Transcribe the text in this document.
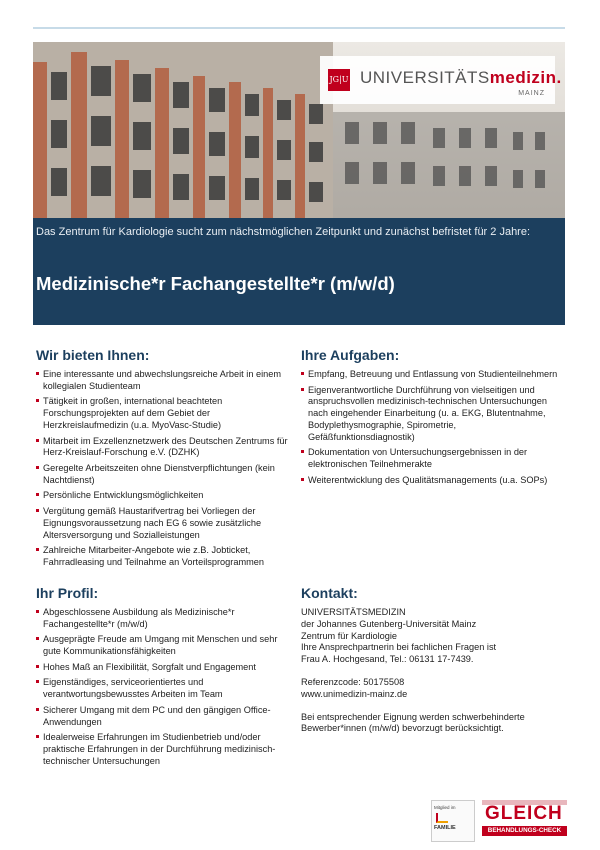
JG|U UNIVERSITÄTSmedizin.
MAINZ
Das Zentrum für Kardiologie sucht zum nächstmöglichen Zeitpunkt und zunächst befristet für 2 Jahre:
Medizinische*r Fachangestellte*r (m/w/d)
Wir bieten Ihnen:
Eine interessante und abwechslungsreiche Arbeit in einem kollegialen Studienteam
Tätigkeit in großen, international beachteten Forschungsprojekten auf dem Gebiet der Herzkreislaufmedizin (u.a. MyoVasc-Studie)
Mitarbeit im Exzellenznetzwerk des Deutschen Zentrums für Herz-Kreislauf-Forschung e.V. (DZHK)
Geregelte Arbeitszeiten ohne Dienstverpflichtungen (kein Nachtdienst)
Persönliche Entwicklungsmöglichkeiten
Vergütung gemäß Haustarifvertrag bei Vorliegen der Eignungsvoraussetzung nach EG 6 sowie zusätzliche Altersversorgung und Sozialleistungen
Zahlreiche Mitarbeiter-Angebote wie z.B. Jobticket, Fahrradleasing und Teilnahme an Vorteilsprogrammen
Ihre Aufgaben:
Empfang, Betreuung und Entlassung von Studienteilnehmern
Eigenverantwortliche Durchführung von vielseitigen und anspruchsvollen medizinisch-technischen Untersuchungen nach eingehender Einarbeitung (u. a. EKG, Blutentnahme, Bodyplethysmographie, Spirometrie, Gefäßfunktionsdiagnostik)
Dokumentation von Untersuchungsergebnissen in der elektronischen Teilnehmerakte
Weiterentwicklung des Qualitätsmanagements (u.a. SOPs)
Ihr Profil:
Abgeschlossene Ausbildung als Medizinische*r Fachangestellte*r (m/w/d)
Ausgeprägte Freude am Umgang mit Menschen und sehr gute Kommunikationsfähigkeiten
Hohes Maß an Flexibilität, Sorgfalt und Engagement
Eigenständiges, serviceorientiertes und verantwortungsbewusstes Arbeiten im Team
Sicherer Umgang mit dem PC und den gängigen Office- Anwendungen
Idealerweise Erfahrungen im Studienbetrieb und/oder praktische Erfahrungen in der Durchführung medizinisch-technischer Untersuchungen
Kontakt:
UNIVERSITÄTSMEDIZIN
der Johannes Gutenberg-Universität Mainz
Zentrum für Kardiologie
Ihre Ansprechpartnerin bei fachlichen Fragen ist
Frau A. Hochgesand, Tel.: 06131 17-7439.
Referenzcode: 50175508
www.unimedizin-mainz.de
Bei entsprechender Eignung werden schwerbehinderte Bewerber*innen (m/w/d) bevorzugt berücksichtigt.
Mitglied im
FAMILIE
GLEICH
BEHANDLUNGS-CHECK
